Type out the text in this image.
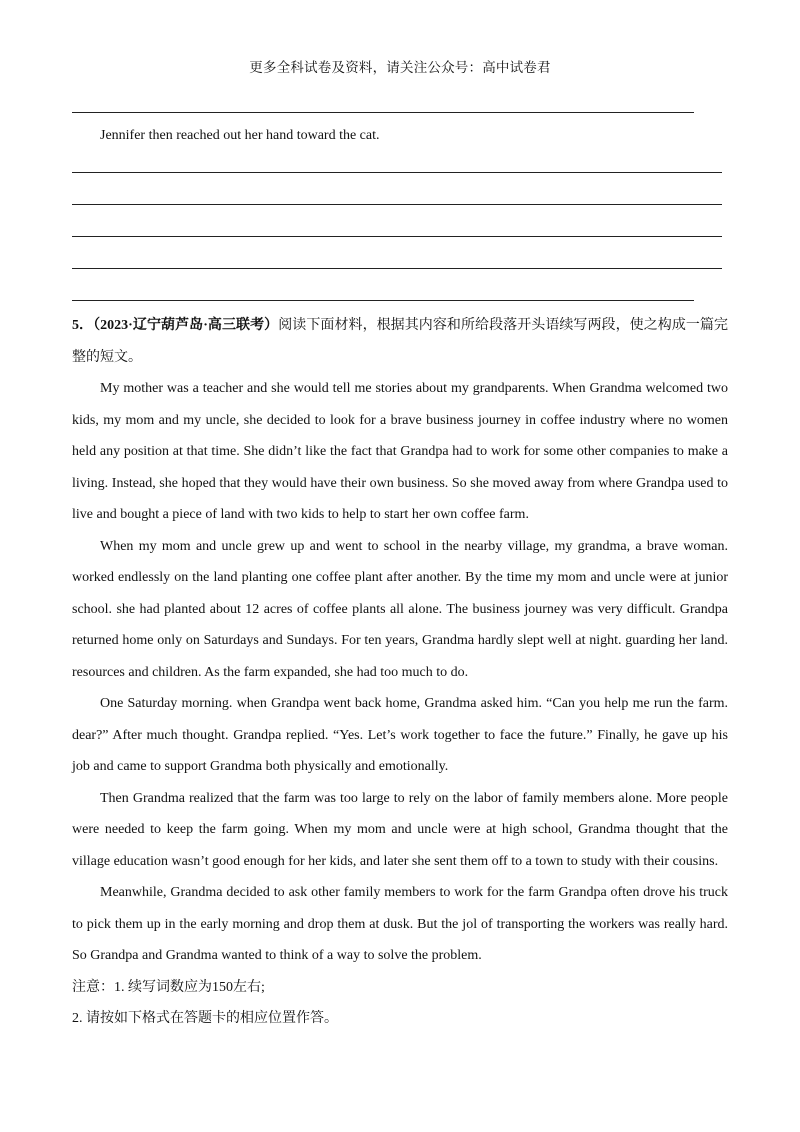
更多全科试卷及资料，请关注公众号：高中试卷君
Jennifer then reached out her hand toward the cat.

5．（2023·辽宁葫芦岛·高三联考）阅读下面材料，根据其内容和所给段落开头语续写两段，使之构成一篇完整的短文。

My mother was a teacher and she would tell me stories about my grandparents. When Grandma welcomed two kids, my mom and my uncle, she decided to look for a brave business journey in coffee industry where no women held any position at that time. She didn’t like the fact that Grandpa had to work for some other companies to make a living. Instead, she hoped that they would have their own business. So she moved away from where Grandpa used to live and bought a piece of land with two kids to help to start her own coffee farm.

When my mom and uncle grew up and went to school in the nearby village, my grandma, a brave woman. worked endlessly on the land planting one coffee plant after another. By the time my mom and uncle were at junior school. she had planted about 12 acres of coffee plants all alone. The business journey was very difficult. Grandpa returned home only on Saturdays and Sundays. For ten years, Grandma hardly slept well at night. guarding her land. resources and children. As the farm expanded, she had too much to do.

One Saturday morning. when Grandpa went back home, Grandma asked him. “Can you help me run the farm. dear?” After much thought. Grandpa replied. “Yes. Let’s work together to face the future.” Finally, he gave up his job and came to support Grandma both physically and emotionally.

Then Grandma realized that the farm was too large to rely on the labor of family members alone. More people were needed to keep the farm going. When my mom and uncle were at high school, Grandma thought that the village education wasn’t good enough for her kids, and later she sent them off to a town to study with their cousins.

Meanwhile, Grandma decided to ask other family members to work for the farm Grandpa often drove his truck to pick them up in the early morning and drop them at dusk. But the jol of transporting the workers was really hard. So Grandpa and Grandma wanted to think of a way to solve the problem.

注意：1. 续写词数应为150左右;

2. 请按如下格式在答题卡的相应位置作答。
